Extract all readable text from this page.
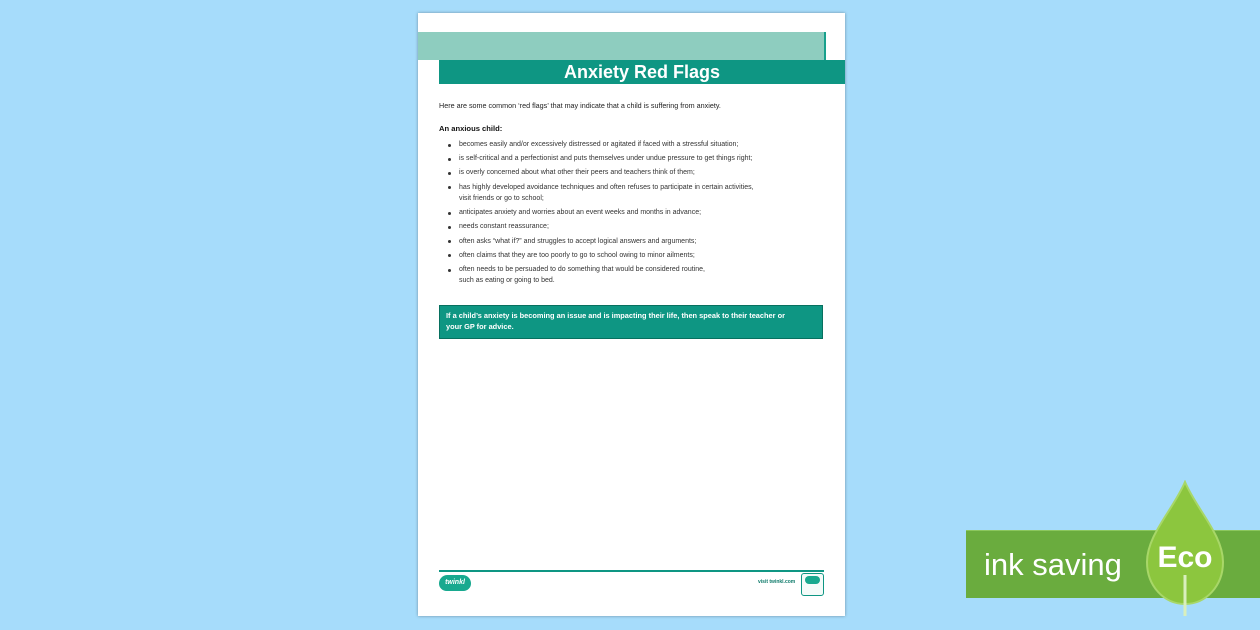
Anxiety Red Flags
Here are some common ‘red flags’ that may indicate that a child is suffering from anxiety.
An anxious child:
becomes easily and/or excessively distressed or agitated if faced with a stressful situation;
is self-critical and a perfectionist and puts themselves under undue pressure to get things right;
is overly concerned about what other their peers and teachers think of them;
has highly developed avoidance techniques and often refuses to participate in certain activities,
visit friends or go to school;
anticipates anxiety and worries about an event weeks and months in advance;
needs constant reassurance;
often asks “what if?” and struggles to accept logical answers and arguments;
often claims that they are too poorly to go to school owing to minor ailments;
often needs to be persuaded to do something that would be considered routine,
such as eating or going to bed.
If a child’s anxiety is becoming an issue and is impacting their life, then speak to their teacher or
your GP for advice.
twinkl	visit twinkl.com	ink saving Eco
